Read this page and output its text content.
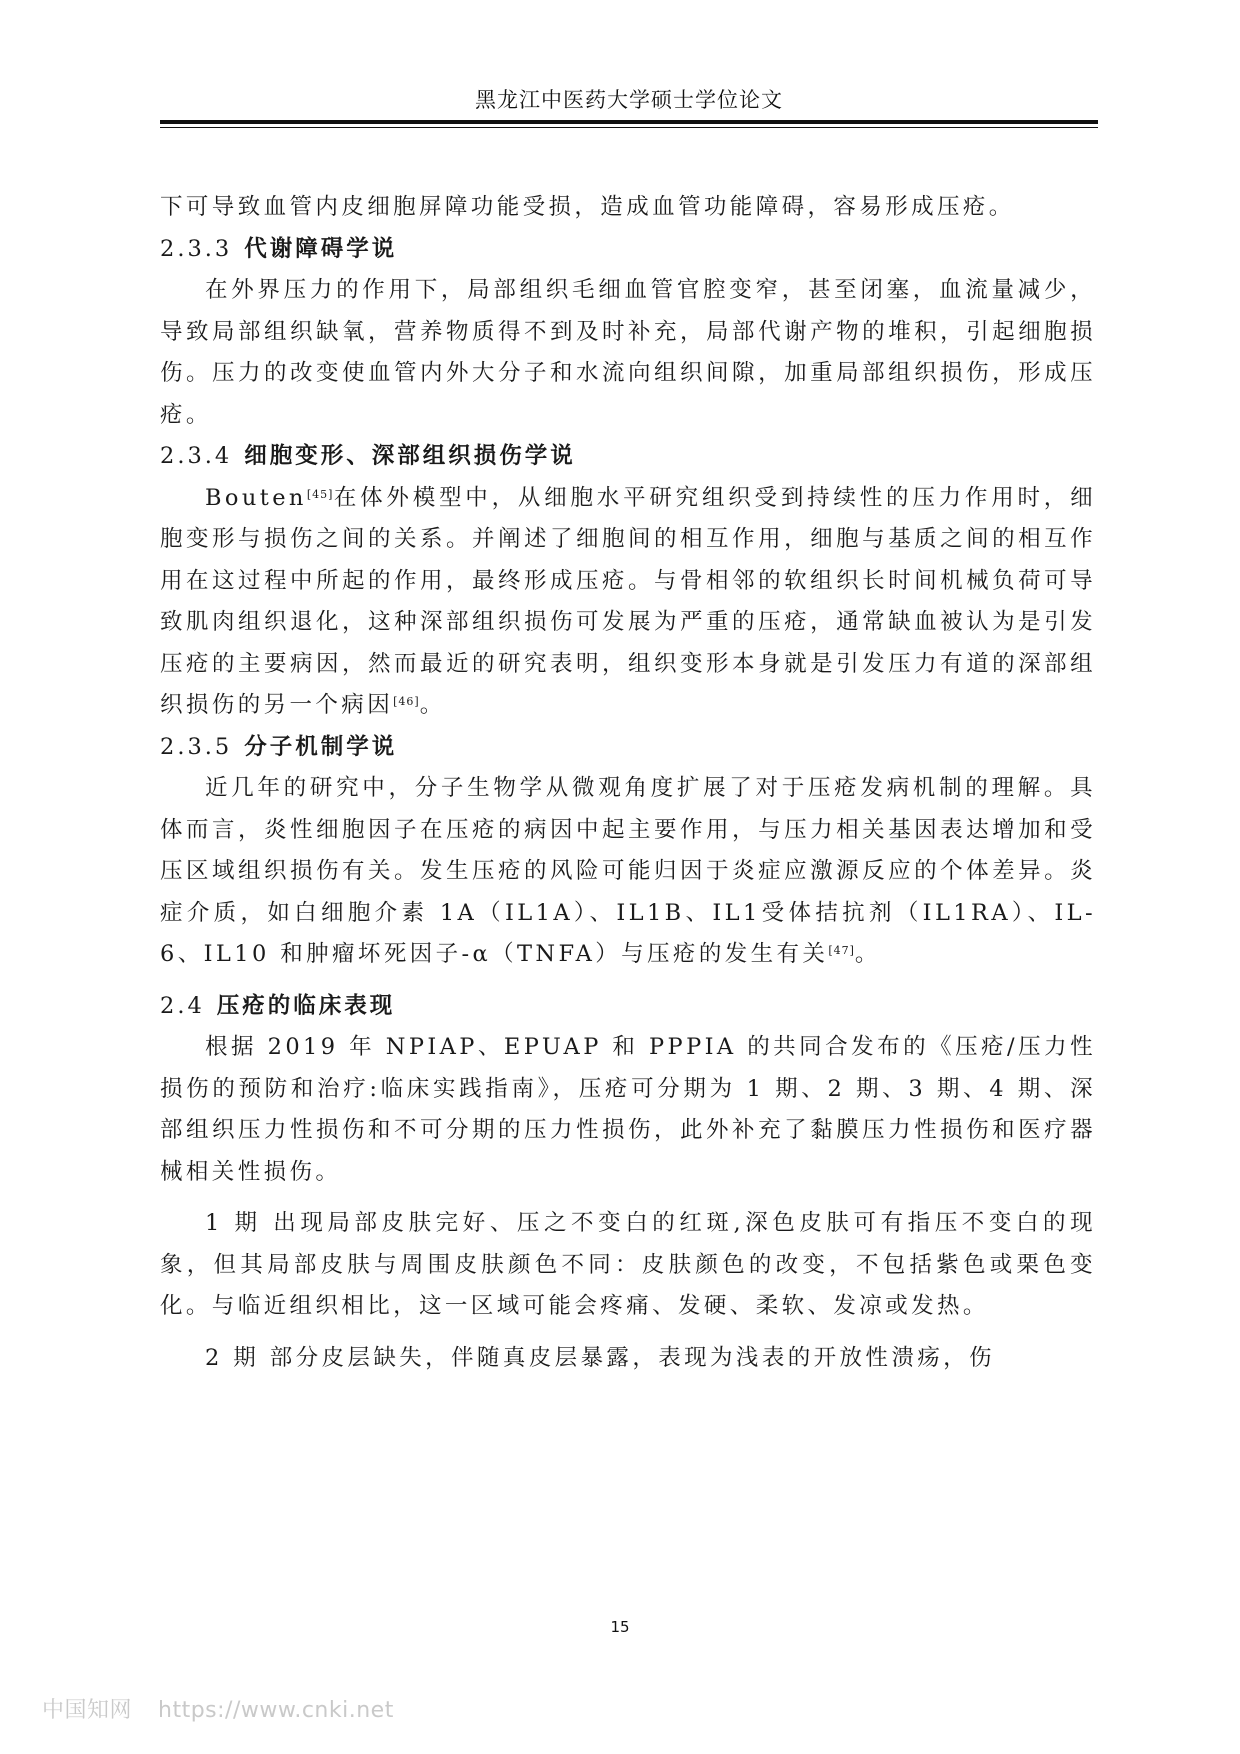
黑龙江中医药大学硕士学位论文

下可导致血管内皮细胞屏障功能受损，造成血管功能障碍，容易形成压疮。

2.3.3 代谢障碍学说

在外界压力的作用下，局部组织毛细血管官腔变窄，甚至闭塞，血流量减少，导致局部组织缺氧，营养物质得不到及时补充，局部代谢产物的堆积，引起细胞损伤。压力的改变使血管内外大分子和水流向组织间隙，加重局部组织损伤，形成压疮。

2.3.4 细胞变形、深部组织损伤学说

Bouten[45]在体外模型中，从细胞水平研究组织受到持续性的压力作用时，细胞变形与损伤之间的关系。并阐述了细胞间的相互作用，细胞与基质之间的相互作用在这过程中所起的作用，最终形成压疮。与骨相邻的软组织长时间机械负荷可导致肌肉组织退化，这种深部组织损伤可发展为严重的压疮，通常缺血被认为是引发压疮的主要病因，然而最近的研究表明，组织变形本身就是引发压力有道的深部组织损伤的另一个病因[46]。

2.3.5 分子机制学说

近几年的研究中，分子生物学从微观角度扩展了对于压疮发病机制的理解。具体而言，炎性细胞因子在压疮的病因中起主要作用，与压力相关基因表达增加和受压区域组织损伤有关。发生压疮的风险可能归因于炎症应激源反应的个体差异。炎症介质，如白细胞介素 1A（IL1A）、IL1B、IL1受体拮抗剂（IL1RA）、IL-6、IL10 和肿瘤坏死因子-α（TNFA）与压疮的发生有关[47]。

2.4 压疮的临床表现

根据 2019 年 NPIAP、EPUAP 和 PPPIA 的共同合发布的《压疮/压力性损伤的预防和治疗:临床实践指南》，压疮可分期为 1 期、2 期、3 期、4 期、深部组织压力性损伤和不可分期的压力性损伤，此外补充了黏膜压力性损伤和医疗器械相关性损伤。

1 期 出现局部皮肤完好、压之不变白的红斑,深色皮肤可有指压不变白的现象，但其局部皮肤与周围皮肤颜色不同：皮肤颜色的改变，不包括紫色或栗色变化。与临近组织相比，这一区域可能会疼痛、发硬、柔软、发凉或发热。

2 期 部分皮层缺失，伴随真皮层暴露，表现为浅表的开放性溃疡，伤

15
中国知网 https://www.cnki.net
